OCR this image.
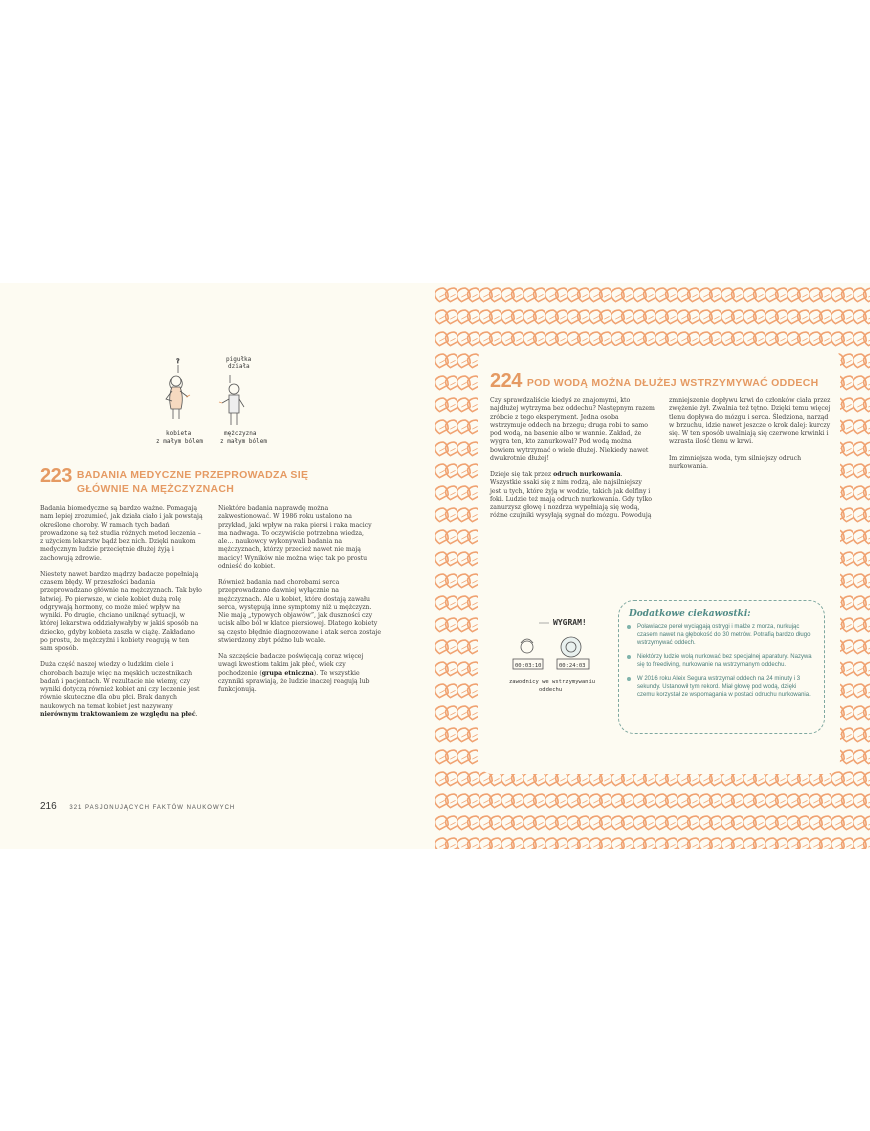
?	pigułka
działa
kobieta
z małym bólem
mężczyzna
z małym bólem
223 BADANIA MEDYCZNE PRZEPROWADZA SIĘ GŁÓWNIE NA MĘŻCZYZNACH

Badania biomedyczne są bardzo ważne. Pomagają nam lepiej zrozumieć, jak działa ciało i jak powstają określone choroby. W ramach tych badań prowadzone są też studia różnych metod leczenia – z użyciem lekarstw bądź bez nich. Dzięki naukom medycznym ludzie przeciętnie dłużej żyją i zachowują zdrowie.

Niestety nawet bardzo mądrzy badacze popełniają czasem błędy. W przeszłości badania przeprowadzano głównie na mężczyznach. Tak było łatwiej. Po pierwsze, w ciele kobiet dużą rolę odgrywają hormony, co może mieć wpływ na wyniki. Po drugie, chciano uniknąć sytuacji, w której lekarstwa oddziaływałyby w jakiś sposób na dziecko, gdyby kobieta zaszła w ciążę. Zakładano po prostu, że mężczyźni i kobiety reagują w ten sam sposób.

Duża część naszej wiedzy o ludzkim ciele i chorobach bazuje więc na męskich uczestnikach badań i pacjentach. W rezultacie nie wiemy, czy wyniki dotyczą również kobiet ani czy leczenie jest równie skuteczne dla obu płci. Brak danych naukowych na temat kobiet jest nazywany nierównym traktowaniem ze względu na płeć.

Niektóre badania naprawdę można zakwestionować. W 1986 roku ustalono na przykład, jaki wpływ na raka piersi i raka macicy ma nadwaga. To oczywiście potrzebna wiedza, ale… naukowcy wykonywali badania na mężczyznach, którzy przecież nawet nie mają macicy! Wyników nie można więc tak po prostu odnieść do kobiet.

Również badania nad chorobami serca przeprowadzano dawniej wyłącznie na mężczyznach. Ale u kobiet, które dostają zawału serca, występują inne symptomy niż u mężczyzn. Nie mają „typowych objawów”, jak duszności czy ucisk albo ból w klatce piersiowej. Dlatego kobiety są często błędnie diagnozowane i atak serca zostaje stwierdzony zbyt późno lub wcale.

Na szczęście badacze poświęcają coraz więcej uwagi kwestiom takim jak płeć, wiek czy pochodzenie (grupa etniczna). Te wszystkie czynniki sprawiają, że ludzie inaczej reagują lub funkcjonują.

216 321 PASJONUJĄCYCH FAKTÓW NAUKOWYCH
224 POD WODĄ MOŻNA DŁUŻEJ WSTRZYMYWAĆ ODDECH

Czy sprawdzaliście kiedyś ze znajomymi, kto najdłużej wytrzyma bez oddechu? Następnym razem zróbcie z tego eksperyment. Jedna osoba wstrzymuje oddech na brzegu; druga robi to samo pod wodą, na basenie albo w wannie. Zakład, że wygra ten, kto zanurkował? Pod wodą można bowiem wytrzymać o wiele dłużej. Niekiedy nawet dwukrotnie dłużej!

Dzieje się tak przez odruch nurkowania. Wszystkie ssaki się z nim rodzą, ale najsilniejszy jest u tych, które żyją w wodzie, takich jak delfiny i foki. Ludzie też mają odruch nurkowania. Gdy tylko zanurzysz głowę i nozdrza wypełniają się wodą, różne czujniki wysyłają sygnał do mózgu. Powodują

zmniejszenie dopływu krwi do członków ciała przez zwężenie żył. Zwalnia też tętno. Dzięki temu więcej tlenu dopływa do mózgu i serca. Śledziona, narząd w brzuchu, idzie nawet jeszcze o krok dalej: kurczy się. W ten sposób uwalniają się czerwone krwinki i wzrasta ilość tlenu w krwi.

Im zimniejsza woda, tym silniejszy odruch nurkowania.

WYGRAM!
00:03:10	00:24:03
zawodnicy we wstrzymywaniu
oddechu
Dodatkowe ciekawostki:
Poławiacze pereł wyciągają ostrygi i małże z morza, nurkując czasem nawet na głębokość do 30 metrów. Potrafią bardzo długo wstrzymywać oddech.
Niektórzy ludzie wolą nurkować bez specjalnej aparatury. Nazywa się to freediving, nurkowanie na wstrzymanym oddechu.
W 2016 roku Aleix Segura wstrzymał oddech na 24 minuty i 3 sekundy. Ustanowił tym rekord. Miał głowę pod wodą, dzięki czemu korzystał ze wspomagania w postaci odruchu nurkowania.
